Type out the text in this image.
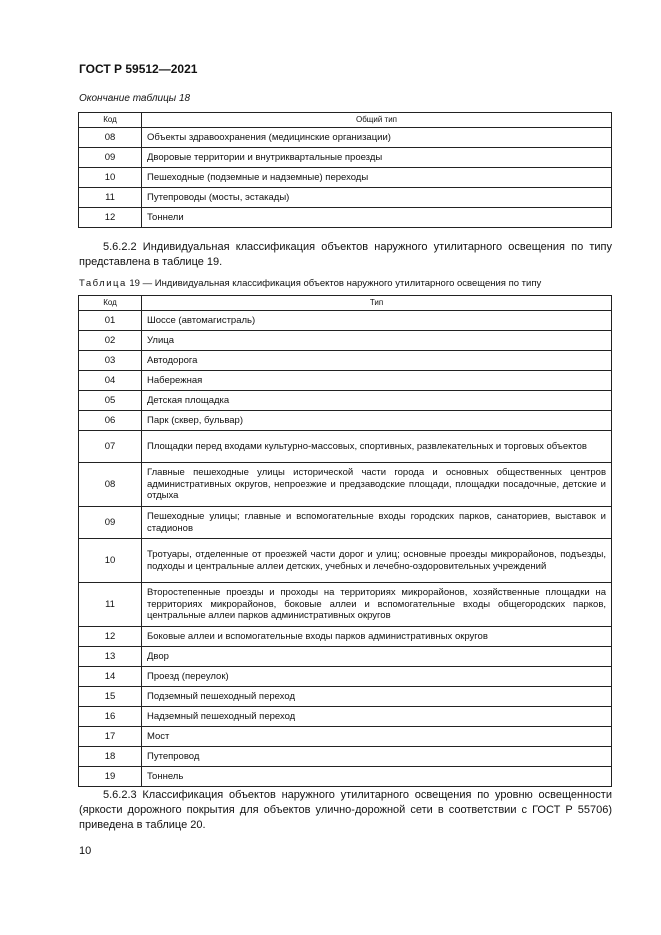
ГОСТ Р 59512—2021
Окончание таблицы 18
Код	Общий тип
08	Объекты здравоохранения (медицинские организации)
09	Дворовые территории и внутриквартальные проезды
10	Пешеходные (подземные и надземные) переходы
11	Путепроводы (мосты, эстакады)
12	Тоннели
5.6.2.2 Индивидуальная классификация объектов наружного утилитарного освещения по типу представлена в таблице 19.
Таблица 19 — Индивидуальная классификация объектов наружного утилитарного освещения по типу
Код	Тип
01	Шоссе (автомагистраль)
02	Улица
03	Автодорога
04	Набережная
05	Детская площадка
06	Парк (сквер, бульвар)
07	Площадки перед входами культурно-массовых, спортивных, развлекательных и торговых объектов
08	Главные пешеходные улицы исторической части города и основных общественных центров административных округов, непроезжие и предзаводские площади, площадки посадочные, детские и отдыха
09	Пешеходные улицы; главные и вспомогательные входы городских парков, санаториев, выставок и стадионов
10	Тротуары, отделенные от проезжей части дорог и улиц; основные проезды микрорайонов, подъезды, подходы и центральные аллеи детских, учебных и лечебно-оздоровительных учреждений
11	Второстепенные проезды и проходы на территориях микрорайонов, хозяйственные площадки на территориях микрорайонов, боковые аллеи и вспомогательные входы общегородских парков, центральные аллеи парков административных округов
12	Боковые аллеи и вспомогательные входы парков административных округов
13	Двор
14	Проезд (переулок)
15	Подземный пешеходный переход
16	Надземный пешеходный переход
17	Мост
18	Путепровод
19	Тоннель
5.6.2.3 Классификация объектов наружного утилитарного освещения по уровню освещенности (яркости дорожного покрытия для объектов улично-дорожной сети в соответствии с ГОСТ Р 55706) приведена в таблице 20.
10
